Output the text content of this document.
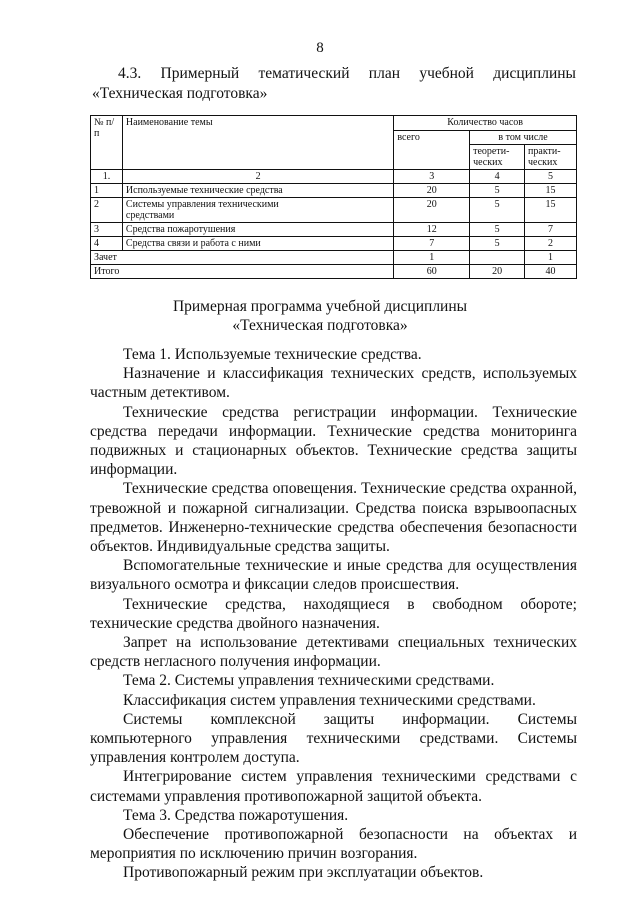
8
4.3. Примерный тематический план учебной дисциплины
«Техническая подготовка»
№ п/п	Наименование темы	Количество часов		
		всего	в том числе	
			теорети-ческих	практи-ческих
1.	2	3	4	5
1	Используемые технические средства	20	5	15
2	Системы управления техническими средствами	20	5	15
3	Средства пожаротушения	12	5	7
4	Средства связи и работа с ними	7	5	2
Зачет		1		1
Итого		60	20	40
Примерная программа учебной дисциплины
«Техническая подготовка»

Тема 1. Используемые технические средства.

Назначение и классификация технических средств, используемых частным детективом.

Технические средства регистрации информации. Технические средства передачи информации. Технические средства мониторинга подвижных и стационарных объектов. Технические средства защиты информации.

Технические средства оповещения. Технические средства охранной, тревожной и пожарной сигнализации. Средства поиска взрывоопасных предметов. Инженерно-технические средства обеспечения безопасности объектов. Индивидуальные средства защиты.

Вспомогательные технические и иные средства для осуществления визуального осмотра и фиксации следов происшествия.

Технические средства, находящиеся в свободном обороте; технические средства двойного назначения.

Запрет на использование детективами специальных технических средств негласного получения информации.

Тема 2. Системы управления техническими средствами.

Классификация систем управления техническими средствами.

Системы комплексной защиты информации. Системы компьютерного управления техническими средствами. Системы управления контролем доступа.

Интегрирование систем управления техническими средствами с системами управления противопожарной защитой объекта.

Тема 3. Средства пожаротушения.

Обеспечение противопожарной безопасности на объектах и мероприятия по исключению причин возгорания.

Противопожарный режим при эксплуатации объектов.
